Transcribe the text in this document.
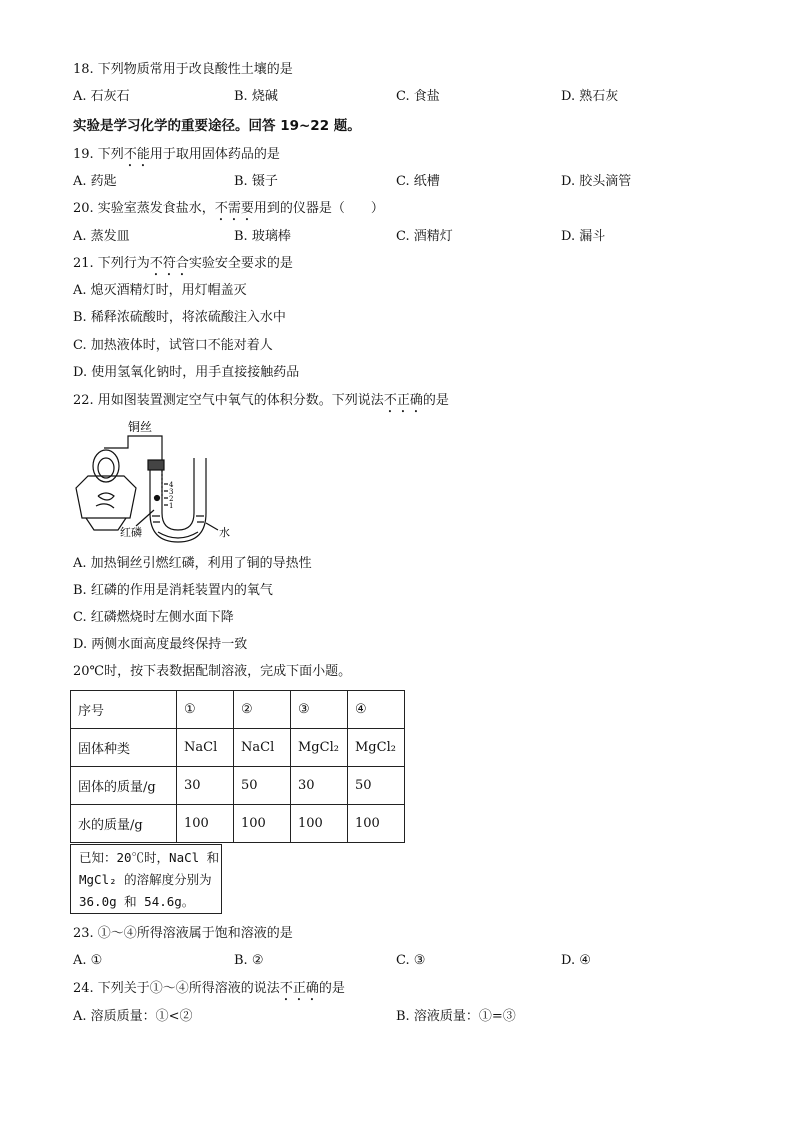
18. 下列物质常用于改良酸性土壤的是
A. 石灰石	B. 烧碱	C. 食盐	D. 熟石灰
实验是学习化学的重要途径。回答 19~22 题。
19. 下列不能用于取用固体药品的是
A. 药匙	B. 镊子	C. 纸槽	D. 胶头滴管
20. 实验室蒸发食盐水，不需要用到的仪器是（　　）
A. 蒸发皿	B. 玻璃棒	C. 酒精灯	D. 漏斗
21. 下列行为不符合实验安全要求的是
A. 熄灭酒精灯时，用灯帽盖灭
B. 稀释浓硫酸时，将浓硫酸注入水中
C. 加热液体时，试管口不能对着人
D. 使用氢氧化钠时，用手直接接触药品
22. 用如图装置测定空气中氧气的体积分数。下列说法不正确的是
铜丝
红磷	水
4
3
2
1
A. 加热铜丝引燃红磷，利用了铜的导热性
B. 红磷的作用是消耗装置内的氧气
C. 红磷燃烧时左侧水面下降
D. 两侧水面高度最终保持一致
20℃时，按下表数据配制溶液，完成下面小题。
序号	①	②	③	④
固体种类	NaCl	NaCl	MgCl₂	MgCl₂
固体的质量/g	30	50	30	50
水的质量/g	100	100	100	100
已知：20℃时，NaCl 和 MgCl₂ 的溶解度分别为 36.0g 和 54.6g。
23. ①～④所得溶液属于饱和溶液的是
A. ①	B. ②	C. ③	D. ④
24. 下列关于①～④所得溶液的说法不正确的是
A. 溶质质量：①<②	B. 溶液质量：①=③
